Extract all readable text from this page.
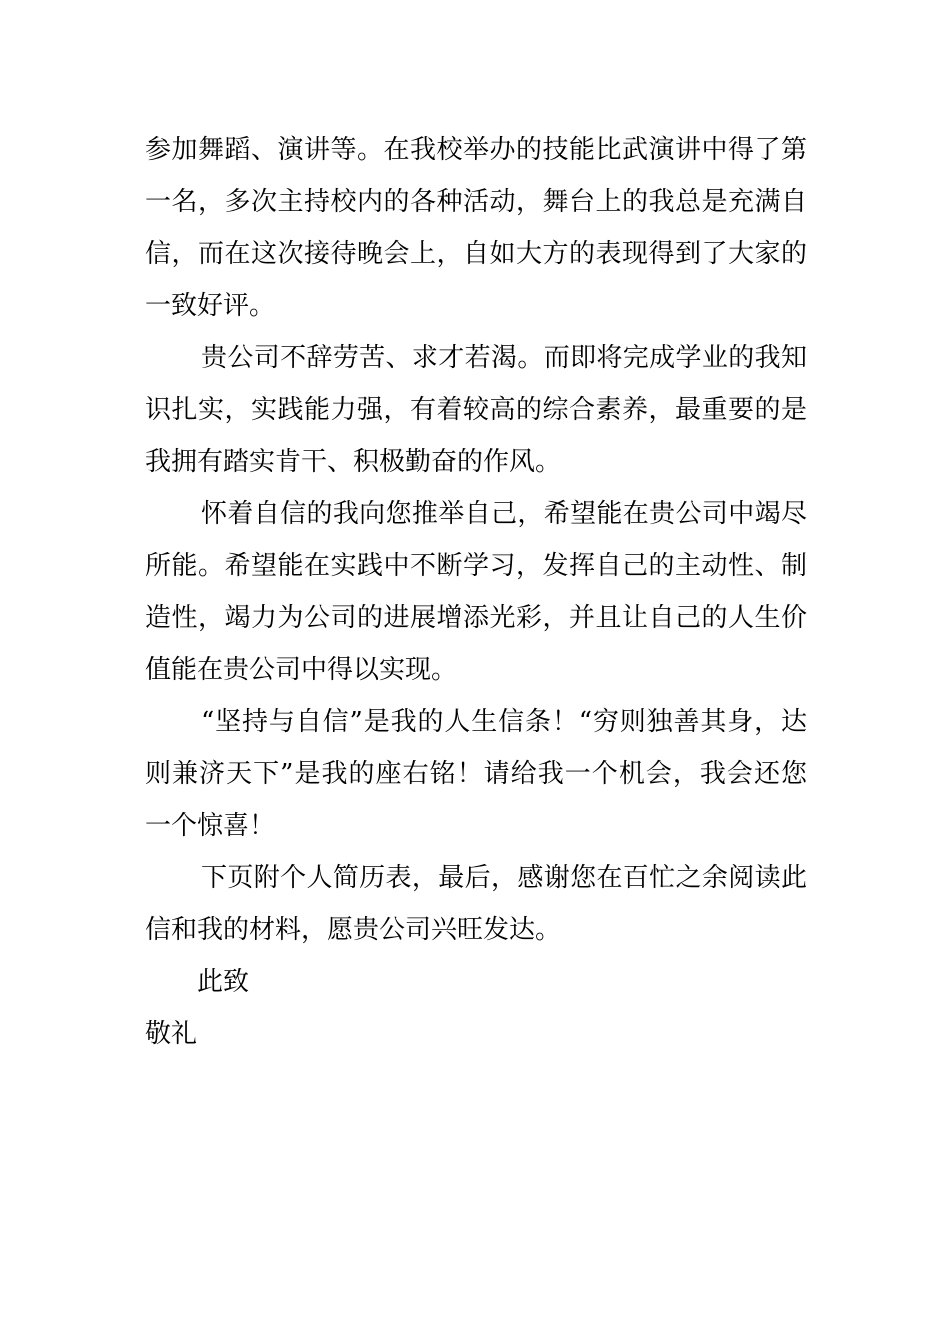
参加舞蹈、演讲等。在我校举办的技能比武演讲中得了第一名，多次主持校内的各种活动，舞台上的我总是充满自信，而在这次接待晚会上，自如大方的表现得到了大家的一致好评。

贵公司不辞劳苦、求才若渴。而即将完成学业的我知识扎实，实践能力强，有着较高的综合素养，最重要的是我拥有踏实肯干、积极勤奋的作风。

怀着自信的我向您推举自己，希望能在贵公司中竭尽所能。希望能在实践中不断学习，发挥自己的主动性、制造性，竭力为公司的进展增添光彩，并且让自己的人生价值能在贵公司中得以实现。

“坚持与自信”是我的人生信条！“穷则独善其身，达则兼济天下”是我的座右铭！请给我一个机会，我会还您一个惊喜！

下页附个人简历表，最后，感谢您在百忙之余阅读此信和我的材料，愿贵公司兴旺发达。

此致

敬礼
